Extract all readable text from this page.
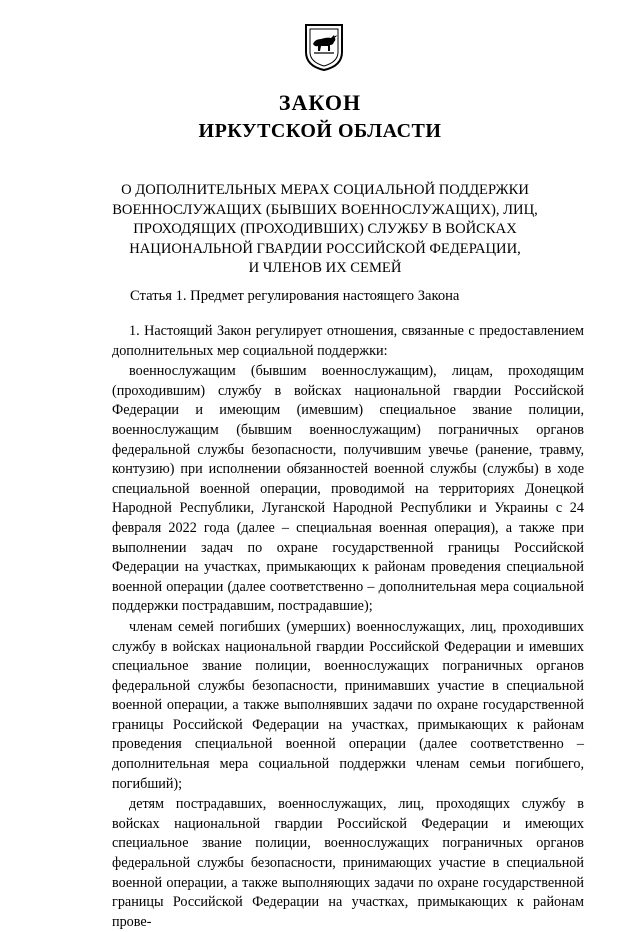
ЗАКОН
ИРКУТСКОЙ ОБЛАСТИ
О ДОПОЛНИТЕЛЬНЫХ МЕРАХ СОЦИАЛЬНОЙ ПОДДЕРЖКИ
ВОЕННОСЛУЖАЩИХ (БЫВШИХ ВОЕННОСЛУЖАЩИХ), ЛИЦ,
ПРОХОДЯЩИХ (ПРОХОДИВШИХ) СЛУЖБУ В ВОЙСКАХ
НАЦИОНАЛЬНОЙ ГВАРДИИ РОССИЙСКОЙ ФЕДЕРАЦИИ,
И ЧЛЕНОВ ИХ СЕМЕЙ
Статья 1. Предмет регулирования настоящего Закона

1. Настоящий Закон регулирует отношения, связанные с предоставлением дополнительных мер социальной поддержки:

военнослужащим (бывшим военнослужащим), лицам, проходящим (проходившим) службу в войсках национальной гвардии Российской Федерации и имеющим (имевшим) специальное звание полиции, военнослужащим (бывшим военнослужащим) пограничных органов федеральной службы безопасности, получившим увечье (ранение, травму, контузию) при исполнении обязанностей военной службы (службы) в ходе специальной военной операции, проводимой на территориях Донецкой Народной Республики, Луганской Народной Республики и Украины с 24 февраля 2022 года (далее – специальная военная операция), а также при выполнении задач по охране государственной границы Российской Федерации на участках, примыкающих к районам проведения специальной военной операции (далее соответственно – дополнительная мера социальной поддержки пострадавшим, пострадавшие);

членам семей погибших (умерших) военнослужащих, лиц, проходивших службу в войсках национальной гвардии Российской Федерации и имевших специальное звание полиции, военнослужащих пограничных органов федеральной службы безопасности, принимавших участие в специальной военной операции, а также выполнявших задачи по охране государственной границы Российской Федерации на участках, примыкающих к районам проведения специальной военной операции (далее соответственно – дополнительная мера социальной поддержки членам семьи погибшего, погибший);

детям пострадавших, военнослужащих, лиц, проходящих службу в войсках национальной гвардии Российской Федерации и имеющих специальное звание полиции, военнослужащих пограничных органов федеральной службы безопасности, принимающих участие в специальной военной операции, а также выполняющих задачи по охране государственной границы Российской Федерации на участках, примыкающих к районам прове-
